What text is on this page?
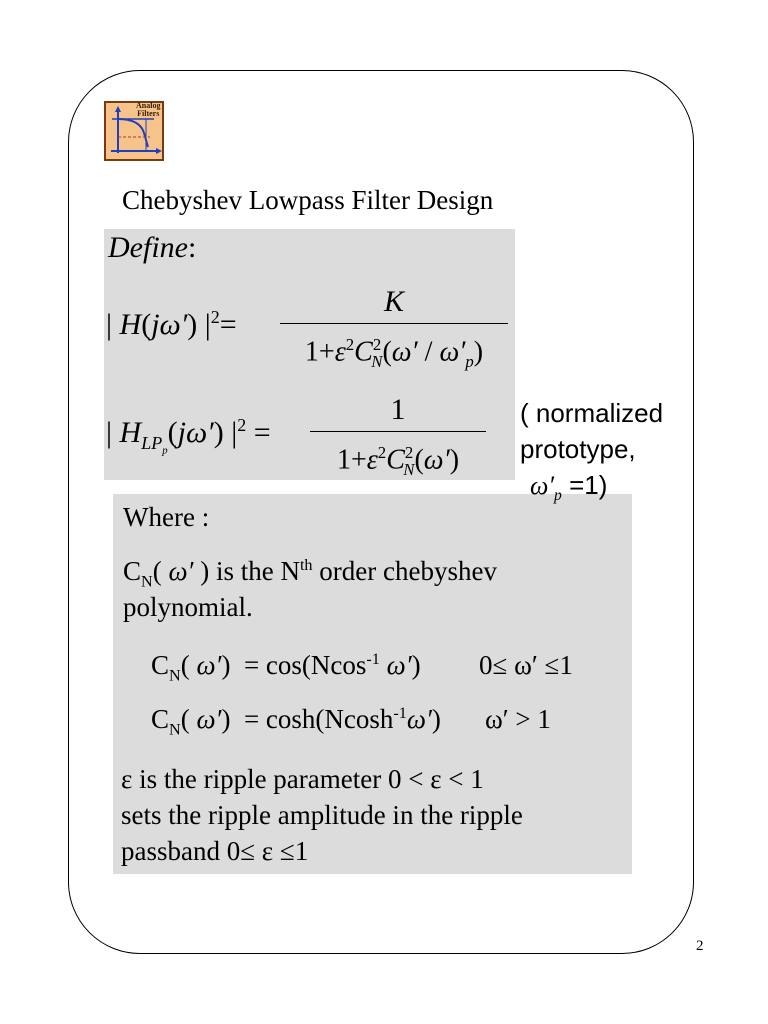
Analog
Filters
Chebyshev Lowpass Filter Design
Define:
| H(jω′) $|^2=$
K
$1+\varepsilon^2C^2_N(\omega' / \omega'_p)$
| $H_{LP_p}(j\omega') |^2$ =
1
$1+\varepsilon^2C^2_N(\omega')$
Where :
$C_N$( ω′ ) is the $N^{th}$ order chebyshev
polynomial.
$C_N$( ω′)  = cos(Ncos$^{-1}$ ω′) 0≤ ω′ ≤1
$C_N$( ω′)  = cosh(Ncosh$^{-1}$ω′) ω′ > 1
ε is the ripple parameter 0 < ε < 1
sets the ripple amplitude in the ripple
passband 0≤ ε ≤1
( normalized
prototype,
$\omega'_p =1$)
2
